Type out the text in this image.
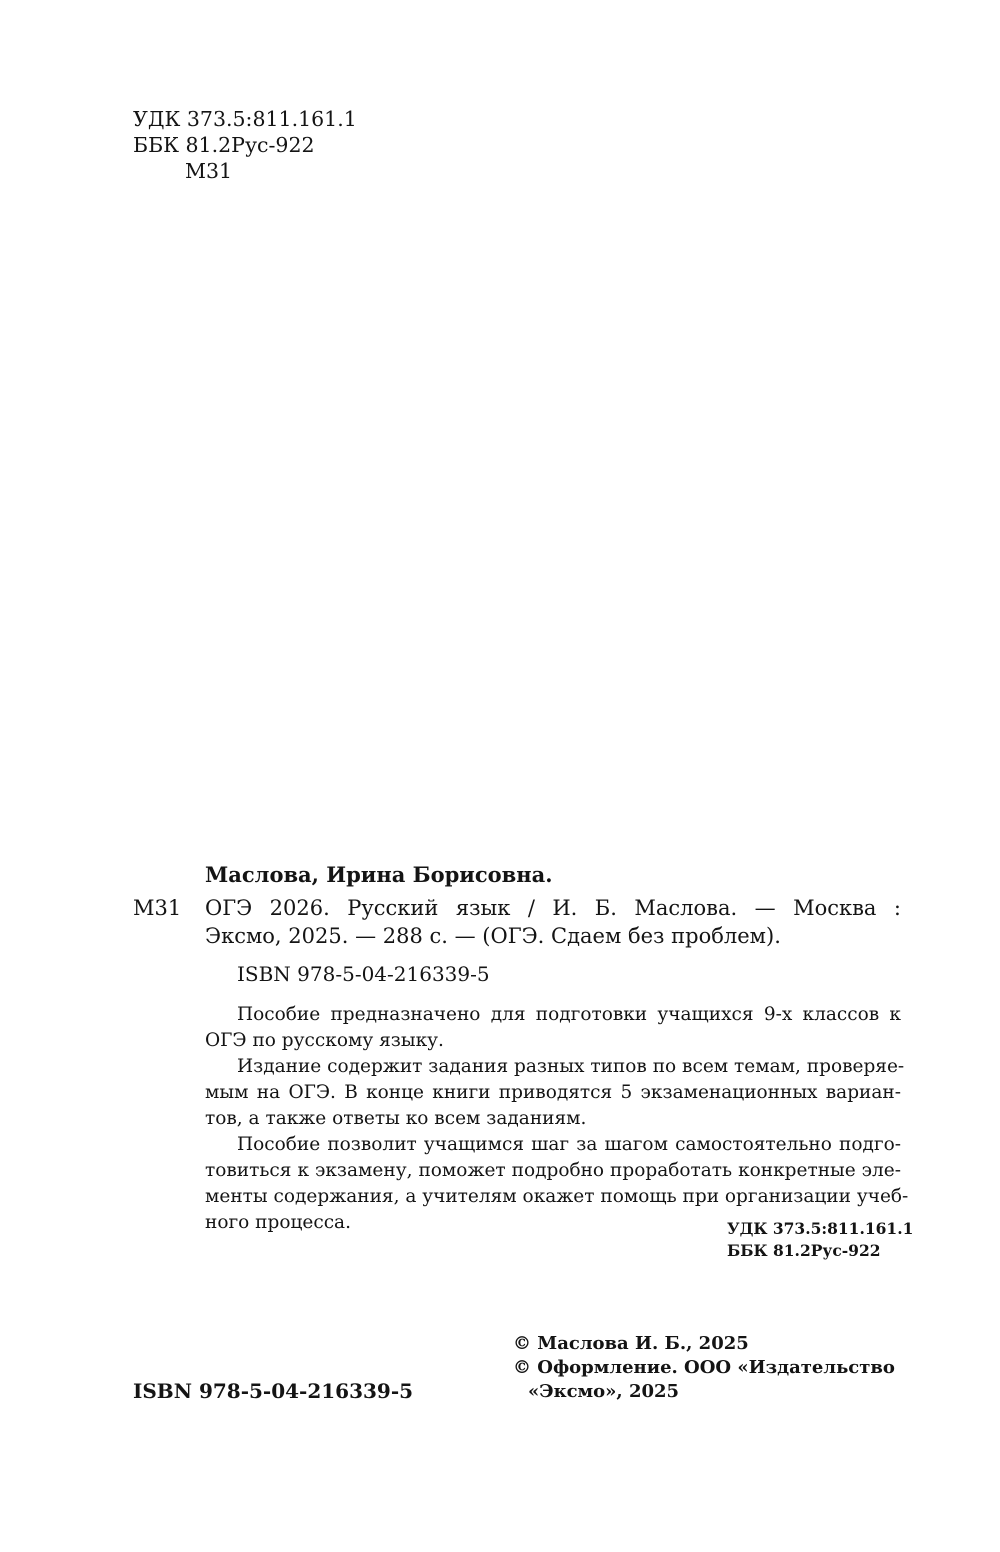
УДК 373.5:811.161.1
ББК 81.2Рус-922
М31
Маслова, Ирина Борисовна.
М31 ОГЭ 2026. Русский язык / И. Б. Маслова. — Москва :
Эксмо, 2025. — 288 с. — (ОГЭ. Сдаем без проблем).
ISBN 978-5-04-216339-5
Пособие предназначено для подготовки учащихся 9-х классов к
ОГЭ по русскому языку.
Издание содержит задания разных типов по всем темам, проверяе-
мым на ОГЭ. В конце книги приводятся 5 экзаменационных вариан-
тов, а также ответы ко всем заданиям.
Пособие позволит учащимся шаг за шагом самостоятельно подго-
товиться к экзамену, поможет подробно проработать конкретные эле-
менты содержания, а учителям окажет помощь при организации учеб-
ного процесса.	УДК 373.5:811.161.1
ББК 81.2Рус-922
ISBN 978-5-04-216339-5
© Маслова И. Б., 2025
© Оформление. ООО «Издательство
«Эксмо», 2025
